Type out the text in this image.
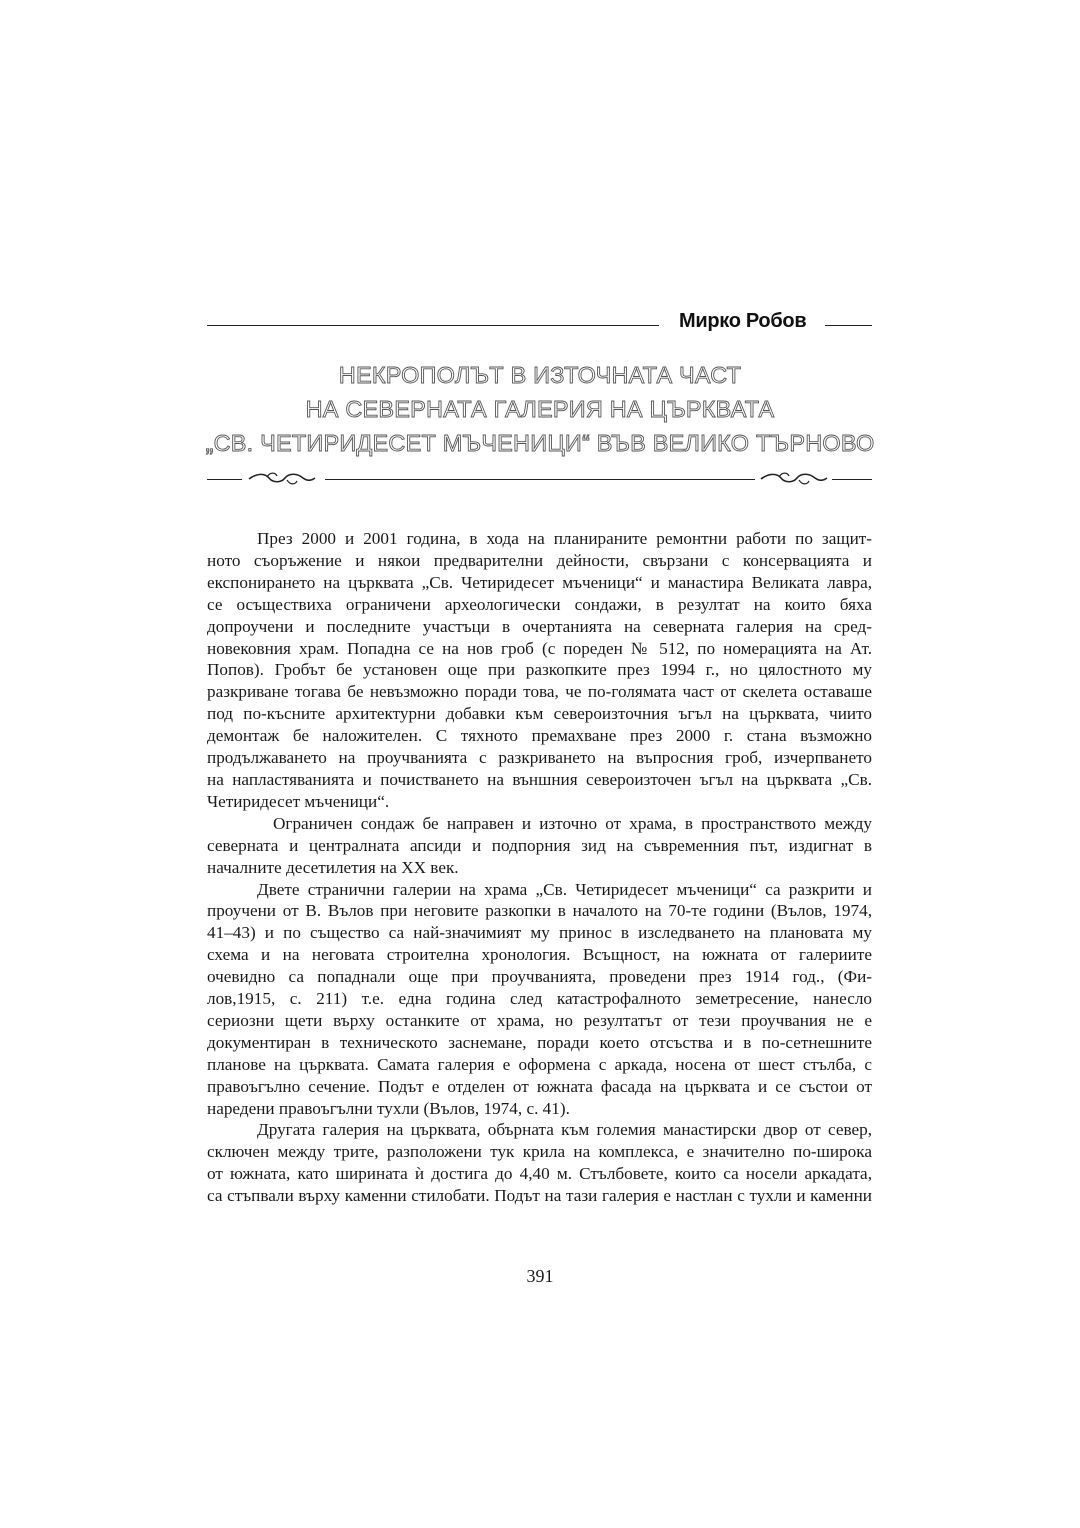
Мирко Робов
НЕКРОПОЛЪТ В ИЗТОЧНАТА ЧАСТ
НА СЕВЕРНАТА ГАЛЕРИЯ НА ЦЪРКВАТА
„СВ. ЧЕТИРИДЕСЕТ МЪЧЕНИЦИ“ ВЪВ ВЕЛИКО ТЪРНОВО

През 2000 и 2001 година, в хода на планираните ремонтни работи по защит-
ното съоръжение и някои предварителни дейности, свързани с консервацията и
експонирането на църквата „Св. Четиридесет мъченици“ и манастира Великата лавра,
се осъществиха ограничени археологически сондажи, в резултат на които бяха
допроучени и последните участъци в очертанията на северната галерия на сред-
новековния храм. Попадна се на нов гроб (с пореден № 512, по номерацията на Ат.
Попов). Гробът бе установен още при разкопките през 1994 г., но цялостното му
разкриване тогава бе невъзможно поради това, че по-голямата част от скелета оставаше
под по-късните архитектурни добавки към североизточния ъгъл на църквата, чиито
демонтаж бе наложителен. С тяхното премахване през 2000 г. стана възможно
продължаването на проучванията с разкриването на въпросния гроб, изчерпването
на напластяванията и почистването на външния североизточен ъгъл на църквата „Св.
Четиридесет мъченици“.

Ограничен сондаж бе направен и източно от храма, в пространството между
северната и централната апсиди и подпорния зид на съвременния път, издигнат в
началните десетилетия на XX век.

Двете странични галерии на храма „Св. Четиридесет мъченици“ са разкрити и
проучени от В. Вълов при неговите разкопки в началото на 70-те години (Вълов, 1974,
41–43) и по същество са най-значимият му принос в изследването на плановата му
схема и на неговата строителна хронология. Всъщност, на южната от галериите
очевидно са попаднали още при проучванията, проведени през 1914 год., (Фи-
лов,1915, с. 211) т.е. една година след катастрофалното земетресение, нанесло
сериозни щети върху останките от храма, но резултатът от тези проучвания не е
документиран в техническото заснемане, поради което отсъства и в по-сетнешните
планове на църквата. Самата галерия е оформена с аркада, носена от шест стълба, с
правоъгълно сечение. Подът е отделен от южната фасада на църквата и се състои от
наредени правоъгълни тухли (Вълов, 1974, с. 41).

Другата галерия на църквата, обърната към големия манастирски двор от север,
сключен между трите, разположени тук крила на комплекса, е значително по-широка
от южната, като ширината ѝ достига до 4,40 м. Стълбовете, които са носели аркадата,
са стъпвали върху каменни стилобати. Подът на тази галерия е настлан с тухли и каменни

391
